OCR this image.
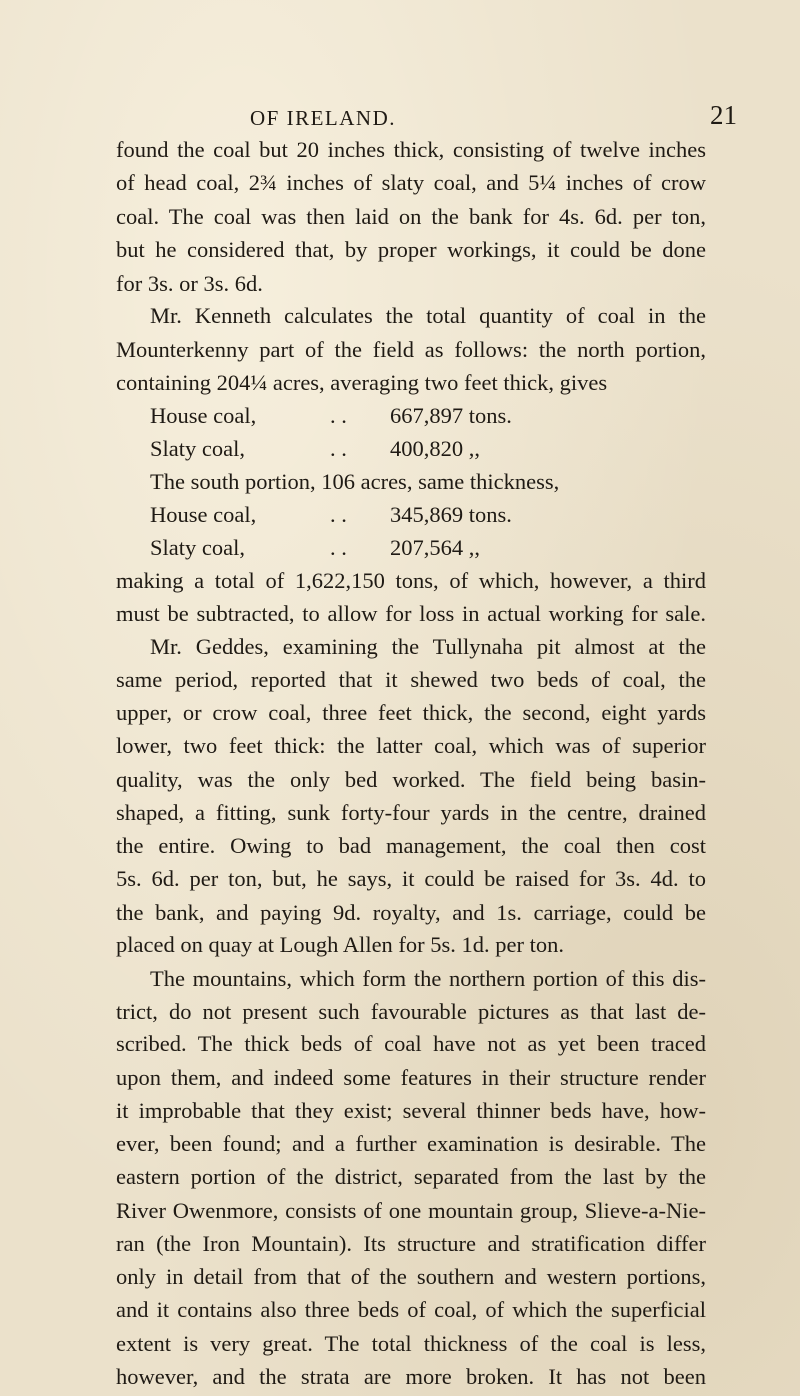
OF IRELAND.	21
found the coal but 20 inches thick, consisting of twelve inches
of head coal, 2¾ inches of slaty coal, and 5¼ inches of crow
coal. The coal was then laid on the bank for 4s. 6d. per ton,
but he considered that, by proper workings, it could be done
for 3s. or 3s. 6d.
Mr. Kenneth calculates the total quantity of coal in the
Mounterkenny part of the field as follows: the north portion,
containing 204¼ acres, averaging two feet thick, gives
House coal,	. . 667,897 tons.
Slaty coal,	. . 400,820 ,,
The south portion, 106 acres, same thickness,
House coal,	. . 345,869 tons.
Slaty coal,	. . 207,564 ,,
making a total of 1,622,150 tons, of which, however, a third
must be subtracted, to allow for loss in actual working for sale.
Mr. Geddes, examining the Tullynaha pit almost at the
same period, reported that it shewed two beds of coal, the
upper, or crow coal, three feet thick, the second, eight yards
lower, two feet thick: the latter coal, which was of superior
quality, was the only bed worked. The field being basin-
shaped, a fitting, sunk forty-four yards in the centre, drained
the entire. Owing to bad management, the coal then cost
5s. 6d. per ton, but, he says, it could be raised for 3s. 4d. to
the bank, and paying 9d. royalty, and 1s. carriage, could be
placed on quay at Lough Allen for 5s. 1d. per ton.
The mountains, which form the northern portion of this dis-
trict, do not present such favourable pictures as that last de-
scribed. The thick beds of coal have not as yet been traced
upon them, and indeed some features in their structure render
it improbable that they exist; several thinner beds have, how-
ever, been found; and a further examination is desirable. The
eastern portion of the district, separated from the last by the
River Owenmore, consists of one mountain group, Slieve-a-Nie-
ran (the Iron Mountain). Its structure and stratification differ
only in detail from that of the southern and western portions,
and it contains also three beds of coal, of which the superficial
extent is very great. The total thickness of the coal is less,
however, and the strata are more broken. It has not been
